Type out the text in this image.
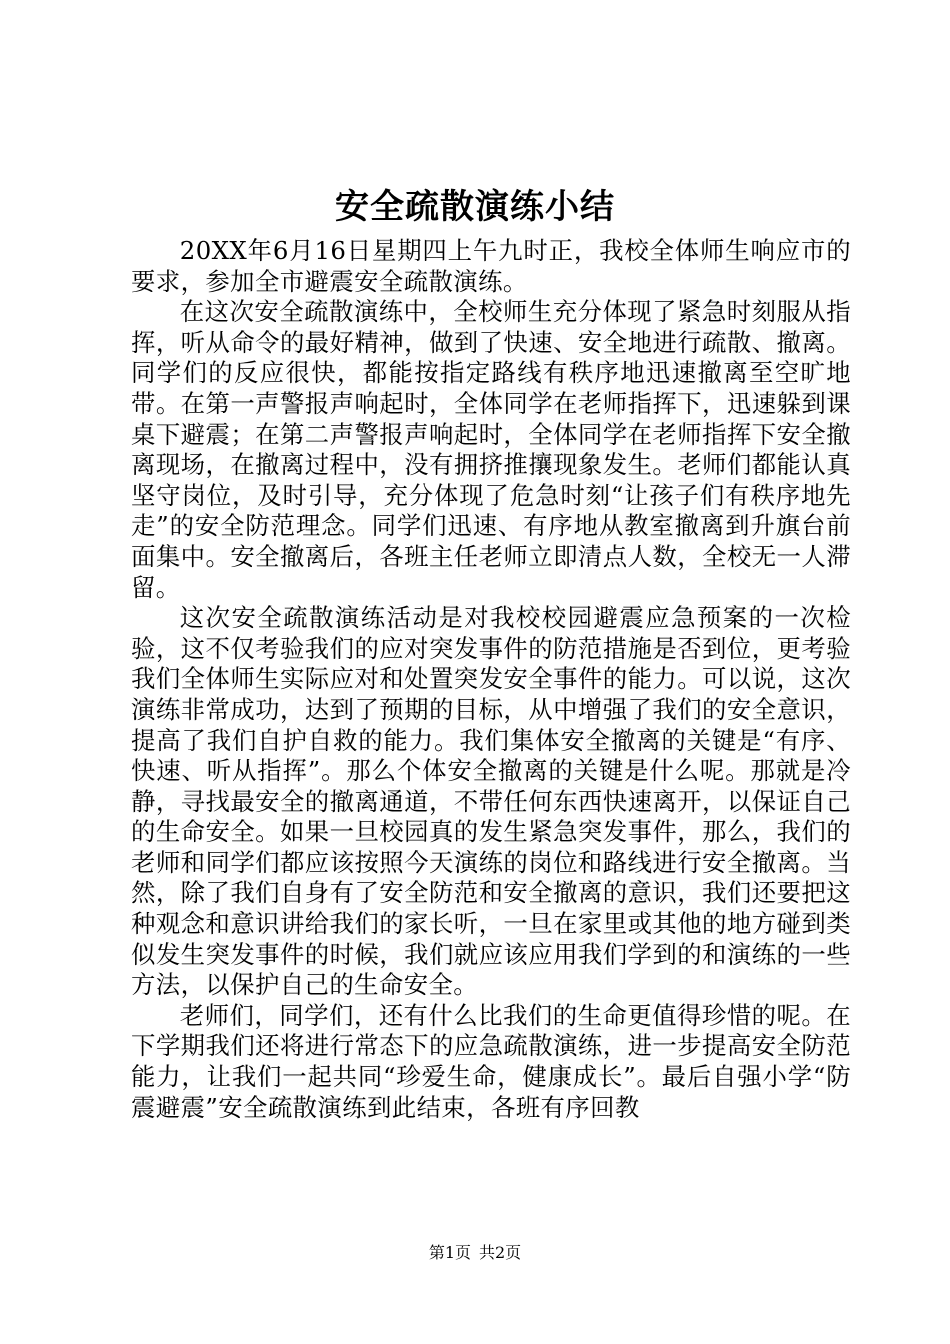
安全疏散演练小结

20XX年6月16日星期四上午九时正，我校全体师生响应市的要求，参加全市避震安全疏散演练。

在这次安全疏散演练中，全校师生充分体现了紧急时刻服从指挥，听从命令的最好精神，做到了快速、安全地进行疏散、撤离。同学们的反应很快，都能按指定路线有秩序地迅速撤离至空旷地带。在第一声警报声响起时，全体同学在老师指挥下，迅速躲到课桌下避震；在第二声警报声响起时，全体同学在老师指挥下安全撤离现场，在撤离过程中，没有拥挤推攘现象发生。老师们都能认真坚守岗位，及时引导，充分体现了危急时刻“让孩子们有秩序地先走”的安全防范理念。同学们迅速、有序地从教室撤离到升旗台前面集中。安全撤离后，各班主任老师立即清点人数，全校无一人滞留。

这次安全疏散演练活动是对我校校园避震应急预案的一次检验，这不仅考验我们的应对突发事件的防范措施是否到位，更考验我们全体师生实际应对和处置突发安全事件的能力。可以说，这次演练非常成功，达到了预期的目标，从中增强了我们的安全意识，提高了我们自护自救的能力。我们集体安全撤离的关键是“有序、快速、听从指挥”。那么个体安全撤离的关键是什么呢。那就是冷静，寻找最安全的撤离通道，不带任何东西快速离开，以保证自己的生命安全。如果一旦校园真的发生紧急突发事件，那么，我们的老师和同学们都应该按照今天演练的岗位和路线进行安全撤离。当然，除了我们自身有了安全防范和安全撤离的意识，我们还要把这种观念和意识讲给我们的家长听，一旦在家里或其他的地方碰到类似发生突发事件的时候，我们就应该应用我们学到的和演练的一些方法，以保护自己的生命安全。

老师们，同学们，还有什么比我们的生命更值得珍惜的呢。在下学期我们还将进行常态下的应急疏散演练，进一步提高安全防范能力，让我们一起共同“珍爱生命，健康成长”。最后自强小学“防震避震”安全疏散演练到此结束，各班有序回教

第1页 共2页
